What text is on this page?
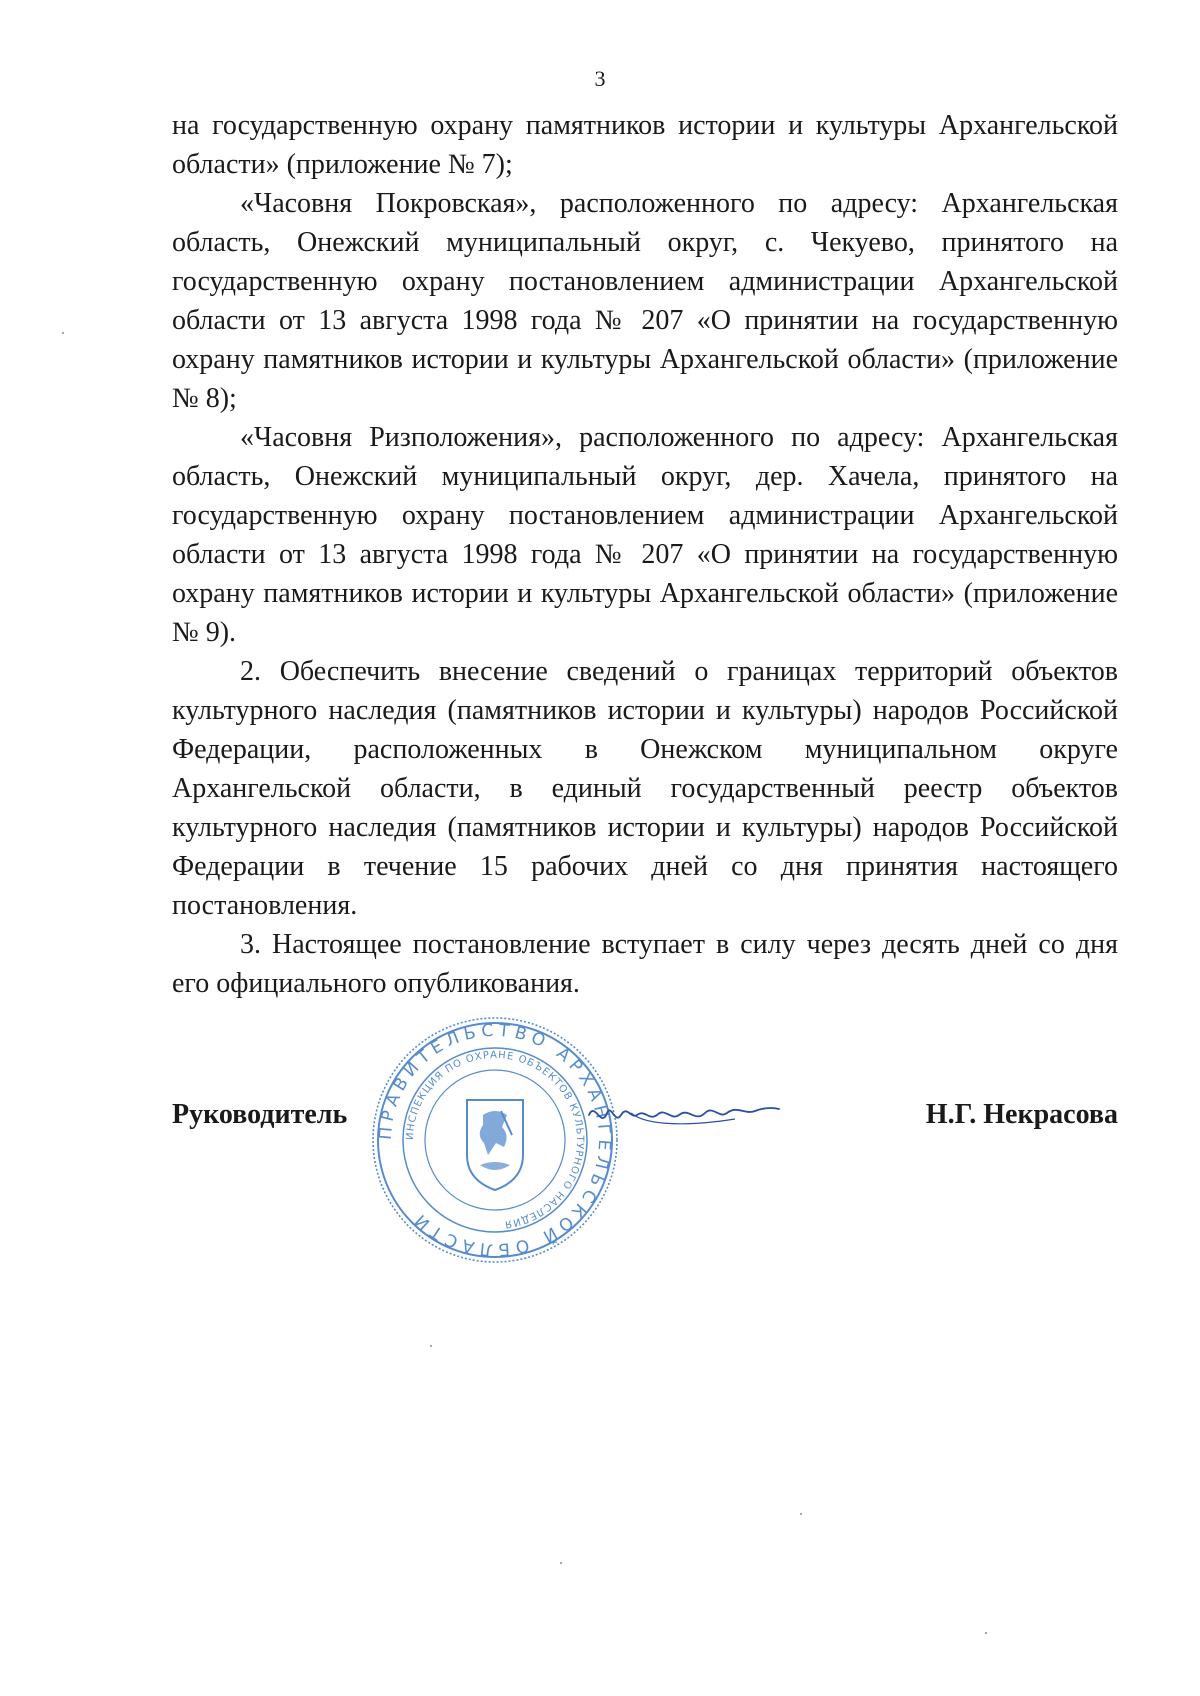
3

на государственную охрану памятников истории и культуры Архангельской области» (приложение № 7);

«Часовня Покровская», расположенного по адресу: Архангельская область, Онежский муниципальный округ, с. Чекуево, принятого на государственную охрану постановлением администрации Архангельской области от 13 августа 1998 года № 207 «О принятии на государственную охрану памятников истории и культуры Архангельской области» (приложение № 8);

«Часовня Ризположения», расположенного по адресу: Архангельская область, Онежский муниципальный округ, дер. Хачела, принятого на государственную охрану постановлением администрации Архангельской области от 13 августа 1998 года № 207 «О принятии на государственную охрану памятников истории и культуры Архангельской области» (приложение № 9).

2. Обеспечить внесение сведений о границах территорий объектов культурного наследия (памятников истории и культуры) народов Российской Федерации, расположенных в Онежском муниципальном округе Архангельской области, в единый государственный реестр объектов культурного наследия (памятников истории и культуры) народов Российской Федерации в течение 15 рабочих дней со дня принятия настоящего постановления.

3. Настоящее постановление вступает в силу через десять дней со дня его официального опубликования.

ПРАВИТЕЛЬСТВО АРХАНГЕЛЬСКОЙ ОБЛАСТИ
ИНСПЕКЦИЯ ПО ОХРАНЕ ОБЪЕКТОВ КУЛЬТУРНОГО НАСЛЕДИЯ
Руководитель	Н.Г. Некрасова
